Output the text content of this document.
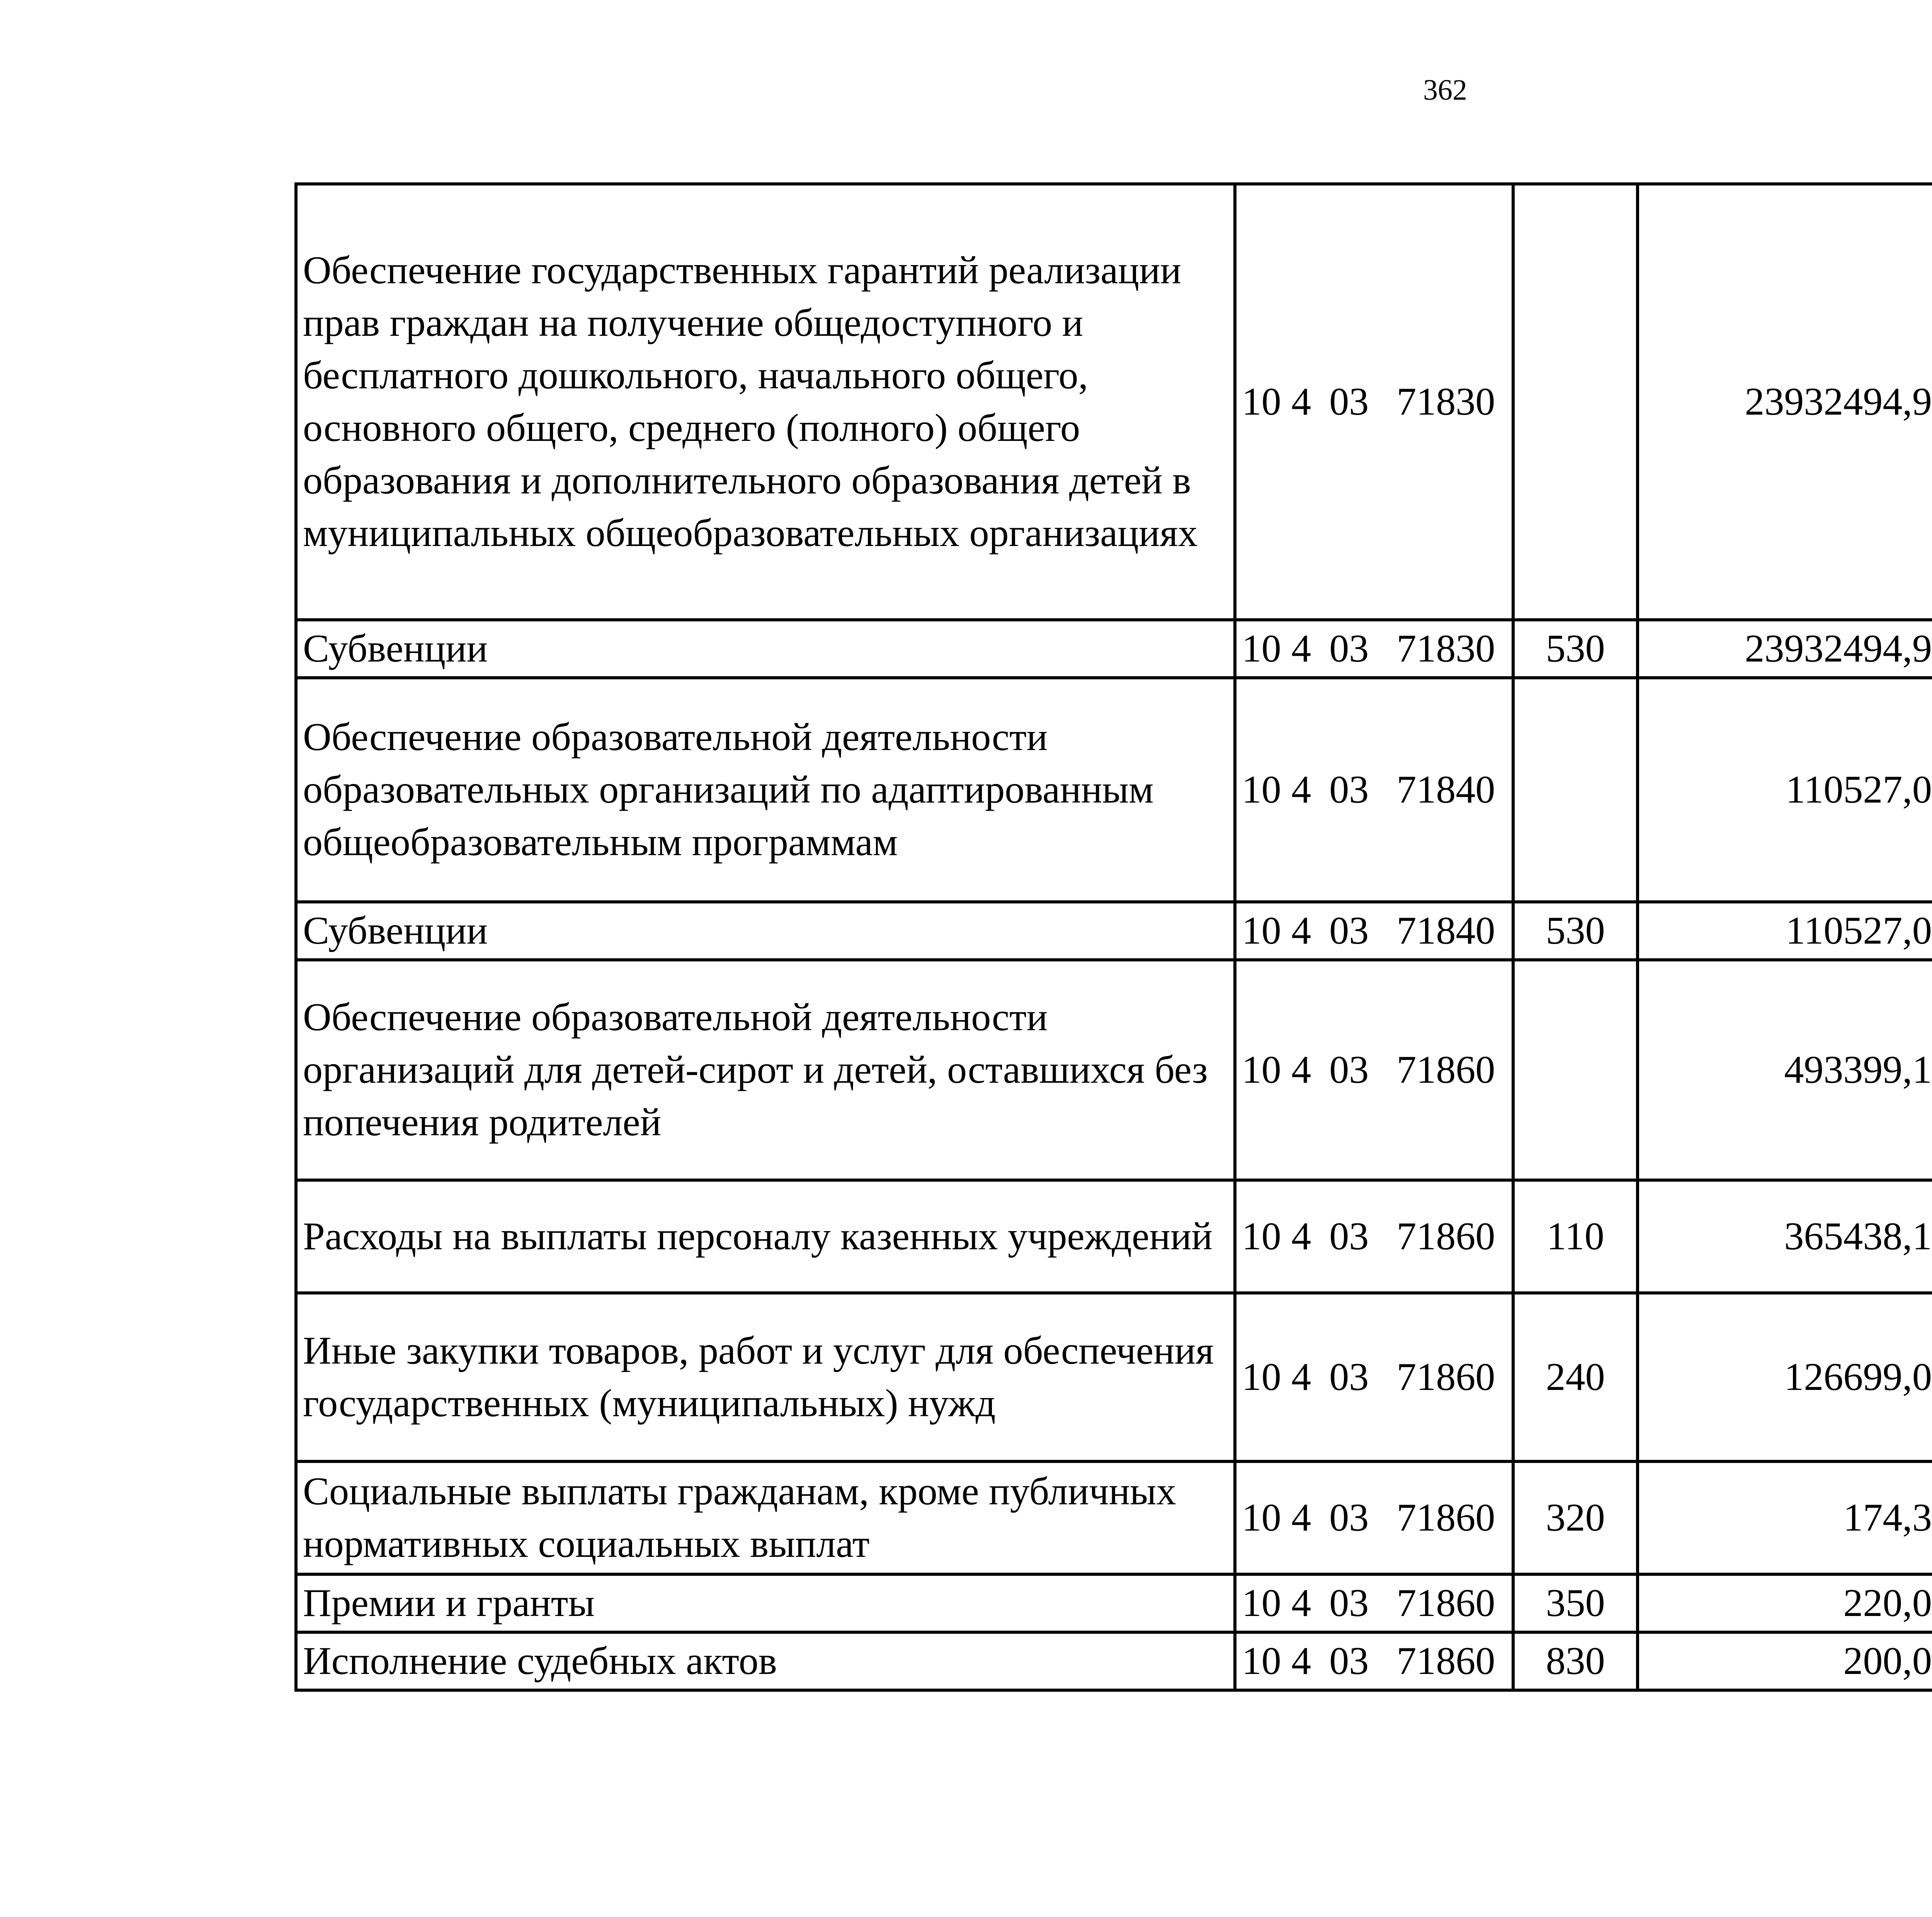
362
Обеспечение государственных гарантий реализации прав граждан на получение общедоступного и бесплатного дошкольного, начального общего, основного общего, среднего (полного) общего образования и дополнительного образования детей в муниципальных общеобразовательных организациях	10	4	03	71830		23932494,9		
Субвенции	10	4	03	71830	530	23932494,9		
Обеспечение образовательной деятельности образовательных организаций по адаптированным общеобразовательным программам	10	4	03	71840		110527,0		
Субвенции	10	4	03	71840	530	110527,0		
Обеспечение образовательной деятельности организаций для детей-сирот и детей, оставшихся без попечения родителей	10	4	03	71860		493399,1		
Расходы на выплаты персоналу казенных учреждений	10	4	03	71860	110	365438,1		
Иные закупки товаров, работ и услуг для обеспечения государственных (муниципальных) нужд	10	4	03	71860	240	126699,0		
Социальные выплаты гражданам, кроме публичных нормативных социальных выплат	10	4	03	71860	320	174,3		
Премии и гранты	10	4	03	71860	350	220,0		
Исполнение судебных актов	10	4	03	71860	830	200,0		
